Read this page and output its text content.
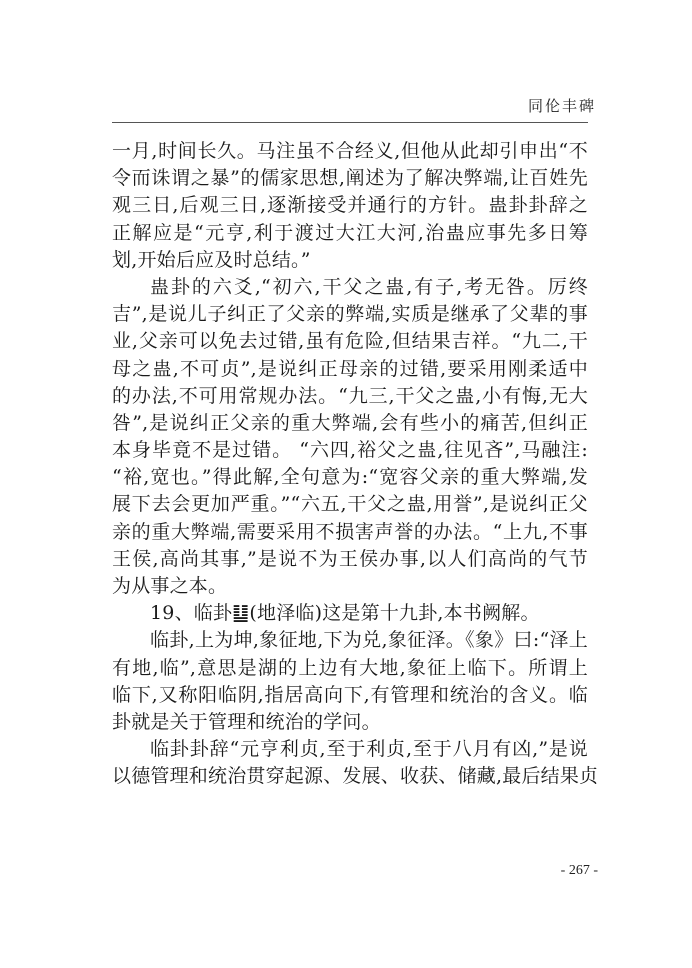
同伦丰碑
一月,时间长久。马注虽不合经义,但他从此却引申出“不
令而诛谓之暴”的儒家思想,阐述为了解决弊端,让百姓先
观三日,后观三日,逐渐接受并通行的方针。蛊卦卦辞之
正解应是“元亨,利于渡过大江大河,治蛊应事先多日筹
划,开始后应及时总结。”
蛊卦的六爻,“初六,干父之蛊,有子,考无咎。厉终
吉”,是说儿子纠正了父亲的弊端,实质是继承了父辈的事
业,父亲可以免去过错,虽有危险,但结果吉祥。“九二,干
母之蛊,不可贞”,是说纠正母亲的过错,要采用刚柔适中
的办法,不可用常规办法。“九三,干父之蛊,小有悔,无大
咎”,是说纠正父亲的重大弊端,会有些小的痛苦,但纠正
本身毕竟不是过错。 “六四,裕父之蛊,往见吝”,马融注:
“裕,宽也。”得此解,全句意为:“宽容父亲的重大弊端,发
展下去会更加严重。”“六五,干父之蛊,用誉”,是说纠正父
亲的重大弊端,需要采用不损害声誉的办法。“上九,不事
王侯,高尚其事,”是说不为王侯办事,以人们高尚的气节
为从事之本。
19、临卦䷒(地泽临)这是第十九卦,本书阙解。
临卦,上为坤,象征地,下为兑,象征泽。《象》曰:“泽上
有地,临”,意思是湖的上边有大地,象征上临下。所谓上
临下,又称阳临阴,指居高向下,有管理和统治的含义。临
卦就是关于管理和统治的学问。
临卦卦辞“元亨利贞,至于利贞,至于八月有凶,”是说
以德管理和统治贯穿起源、发展、收获、储藏,最后结果贞
- 267 -
